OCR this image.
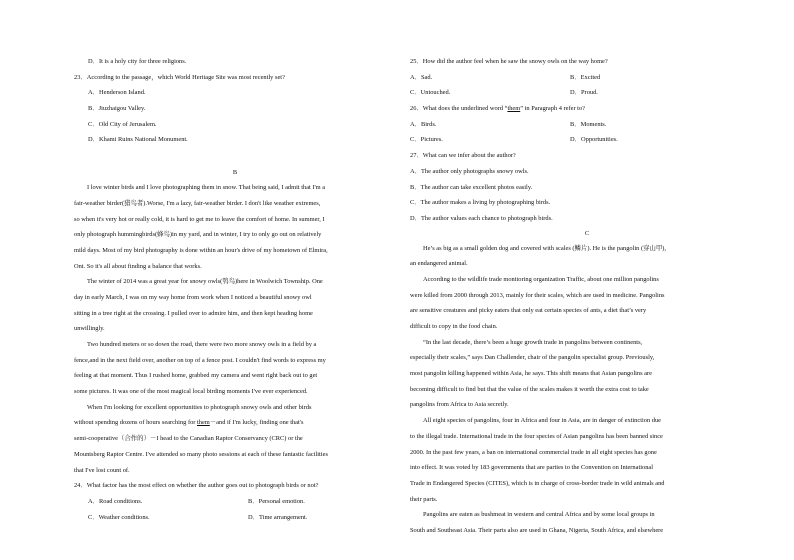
D．It is a holy city for three religions.
23．According to the passage，which World Heritage Site was most recently set?
A．Henderson Island.
B．Jiuzhaigou Valley.
C．Old City of Jerusalem.
D．Khami Ruins National Monument.
B
I love winter birds and I love photographing them in snow. That being said, I admit that I'm a
fair-weather birder(猎鸟者).Worse, I'm a lazy, fair-weather birder. I don't like weather extremes,
so when it's very hot or really cold, it is hard to get me to leave the comfort of home. In summer, I
only photograph hummingbirds(蜂鸟)in my yard, and in winter, I try to only go out on relatively
mild days. Most of my bird photography is done within an hour's drive of my hometown of Elmira,
Ont. So it's all about finding a balance that works.
The winter of 2014 was a great year for snowy owls(鸮鸟)here in Woolwich Township. One
day in early March, I was on my way home from work when I noticed a beautiful snowy owl
sitting in a tree right at the crossing. I pulled over to admire him, and then kept heading home
unwillingly.
Two hundred meters or so down the road, there were two more snowy owls in a field by a
fence,and in the next field over, another on top of a fence post. I couldn't find words to express my
feeling at that moment. Thus I rushed home, grabbed my camera and went right back out to get
some pictures. It was one of the most magical local birding moments I've ever experienced.
When I'm looking for excellent opportunities to photograph snowy owls and other birds
without spending dozens of hours searching for them－and if I'm lucky, finding one that's
semi-cooperative（合作的）－I head to the Canadian Raptor Conservancy (CRC) or the
Mountsberg Raptor Centre. I've attended so many photo sessions at each of these fantastic facilities
that I've lost count of.
24．What factor has the most effect on whether the author goes out to photograph birds or not?
A．Road conditions.	B．Personal emotion.
C．Weather conditions.	D．Time arrangement.
25．How did the author feel when he saw the snowy owls on the way home?
A．Sad.	B．Excited
C．Untouched.	D．Proud.
26．What does the underlined word “them” in Paragraph 4 refer to?
A．Birds.	B．Moments.
C．Pictures.	D．Opportunities.
27．What can we infer about the author?
A．The author only photographs snowy owls.
B．The author can take excellent photos easily.
C．The author makes a living by photographing birds.
D．The author values each chance to photograph birds.
C
He’s as big as a small golden dog and covered with scales (鳞片). He is the pangolin (穿山甲),
an endangered animal.
According to the wildlife trade monitoring organization Traffic, about one million pangolins
were killed from 2000 through 2013, mainly for their scales, which are used in medicine. Pangolins
are sensitive creatures and picky eaters that only eat certain species of ants, a diet that’s very
difficult to copy in the food chain.
“In the last decade, there’s been a huge growth trade in pangolins between continents,
especially their scales,” says Dan Challender, chair of the pangolin specialist group. Previously,
most pangolin killing happened within Asia, he says. This shift means that Asian pangolins are
becoming difficult to find but that the value of the scales makes it worth the extra cost to take
pangolins from Africa to Asia secretly.
All eight species of pangolins, four in Africa and four in Asia, are in danger of extinction due
to the illegal trade. International trade in the four species of Asian pangolins has been banned since
2000. In the past few years, a ban on international commercial trade in all eight species has gone
into effect. It was voted by 183 governments that are parties to the Convention on International
Trade in Endangered Species (CITES), which is in charge of cross-border trade in wild animals and
their parts.
Pangolins are eaten as bushmeat in western and central Africa and by some local groups in
South and Southeast Asia. Their parts also are used in Ghana, Nigeria, South Africa, and elsewhere
